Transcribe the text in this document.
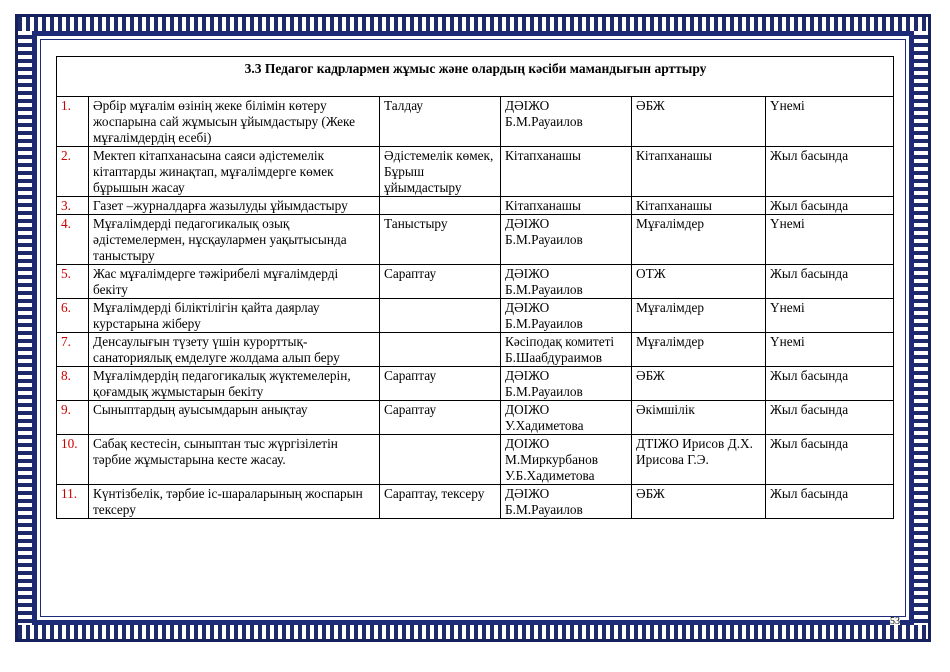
3.3 Педагог кадрлармен жұмыс және олардың кәсіби мамандығын арттыру					
1.	Әрбір мұғалім өзінің жеке білімін көтеру жоспарына сай жұмысын ұйымдастыру (Жеке мұғалімдердің есебі)	Талдау	ДӘІЖО Б.М.Рауаилов	ӘБЖ	Үнемі
2.	Мектеп кітапханасына саяси әдістемелік кітаптарды жинақтап, мұғалімдерге көмек бұрышын жасау	Әдістемелік көмек, Бұрыш ұйымдастыру	Кітапханашы	Кітапханашы	Жыл басында
3.	Газет –журналдарға жазылуды ұйымдастыру		Кітапханашы	Кітапханашы	Жыл басында
4.	Мұғалімдерді педагогикалық озық әдістемелермен, нұсқаулармен уақытысында таныстыру	Таныстыру	ДӘІЖО Б.М.Рауаилов	Мұғалімдер	Үнемі
5.	Жас мұғалімдерге тәжірибелі мұғалімдерді бекіту	Сараптау	ДӘІЖО Б.М.Рауаилов	ОТЖ	Жыл басында
6.	Мұғалімдерді біліктілігін қайта даярлау курстарына жіберу		ДӘІЖО Б.М.Рауаилов	Мұғалімдер	Үнемі
7.	Денсаулығын түзету үшін курорттық-санаториялық емделуге жолдама алып беру		Кәсіподақ комитеті Б.Шаабдураимов	Мұғалімдер	Үнемі
8.	Мұғалімдердің педагогикалық жүктемелерін, қоғамдық жұмыстарын бекіту	Сараптау	ДӘІЖО Б.М.Рауаилов	ӘБЖ	Жыл басында
9.	Сыныптардың ауысымдарын анықтау	Сараптау	ДОІЖО У.Хадиметова	Әкімшілік	Жыл басында
10.	Сабақ кестесін, сыныптан тыс жүргізілетін тәрбие жұмыстарына кесте жасау.		ДОІЖО М.Миркурбанов У.Б.Хадиметова	ДТІЖО Ирисов Д.Х. Ирисова Г.Э.	Жыл басында
11.	Күнтізбелік, тәрбие іс-шараларының жоспарын тексеру	Сараптау, тексеру	ДӘІЖО Б.М.Рауаилов	ӘБЖ	Жыл басында
53
